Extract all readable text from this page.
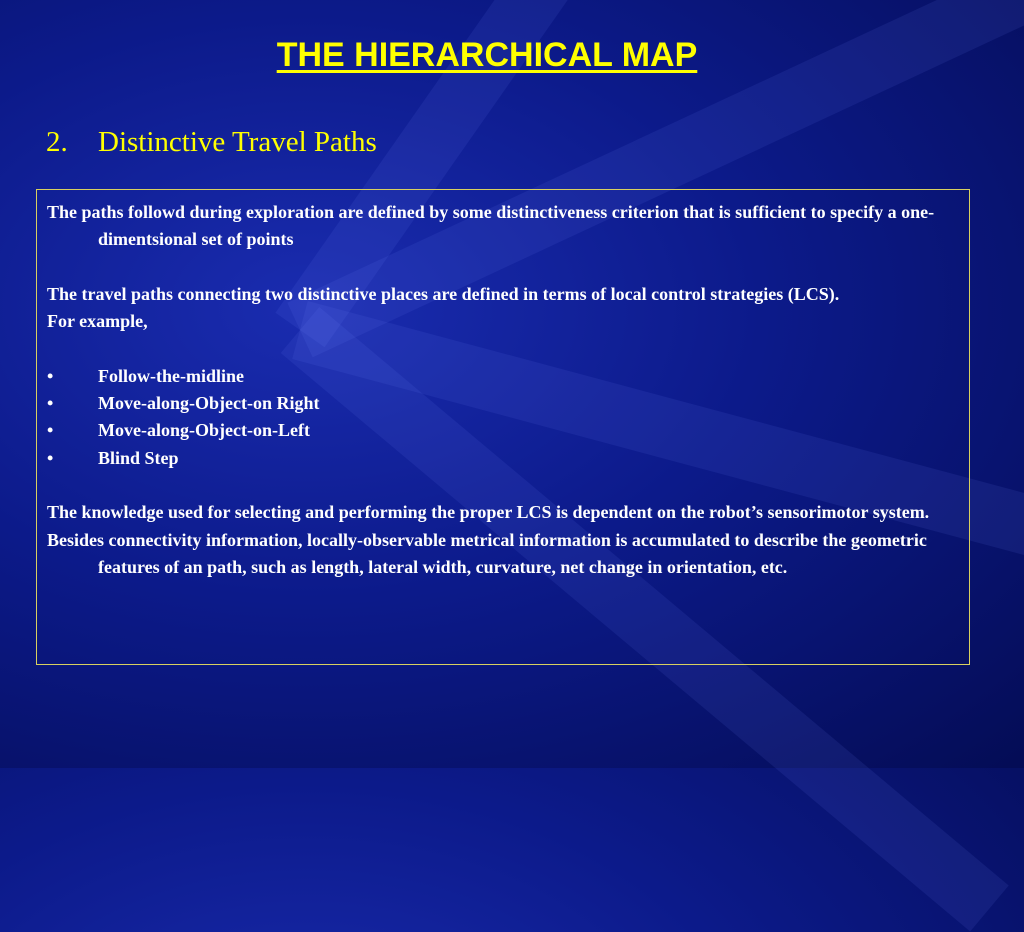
THE HIERARCHICAL MAP
2. Distinctive Travel Paths

The paths followd during exploration are defined by some distinctiveness criterion that is sufficient to specify a one-dimentsional set of points

The travel paths connecting two distinctive places are defined in terms of local control strategies (LCS).

For example,

•	Follow-the-midline

•	Move-along-Object-on Right

•	Move-along-Object-on-Left

•	Blind Step

The knowledge used for selecting and performing the proper LCS is dependent on the robot’s sensorimotor system.

Besides connectivity information, locally-observable metrical information is accumulated to describe the geometric features of an path, such as length, lateral width, curvature, net change in orientation, etc.
